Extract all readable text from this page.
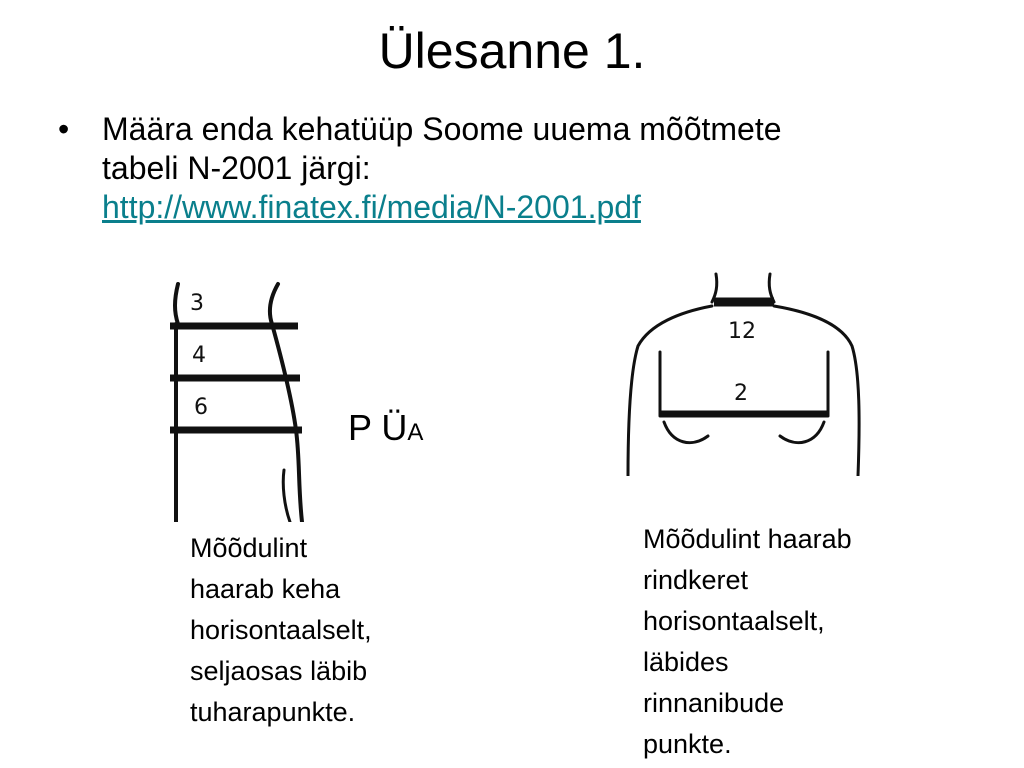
Ülesanne 1.
• Määra enda kehatüüp Soome uuema mõõtmete
tabeli N-2001 järgi:
http://www.finatex.fi/media/N-2001.pdf
3
4
6	P ÜA
12
2
Mõõdulint
haarab keha
horisontaalselt,
seljaosas läbib
tuharapunkte.
Mõõdulint haarab
rindkeret
horisontaalselt,
läbides
rinnanibude
punkte.
